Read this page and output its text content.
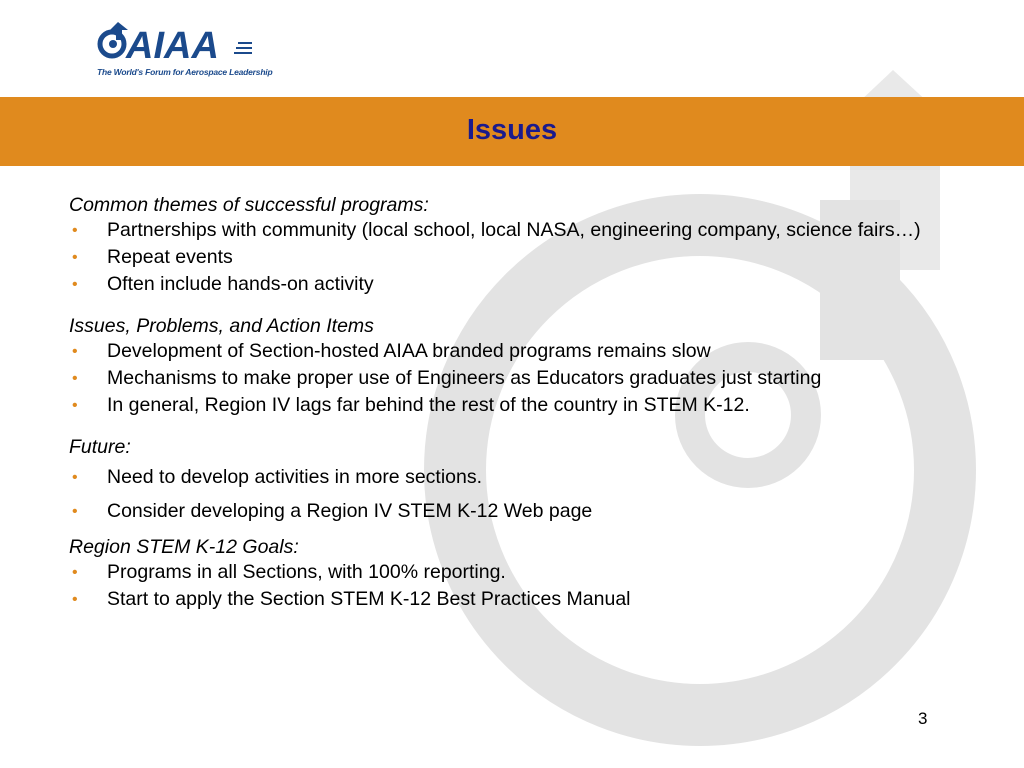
AIAA
The World's Forum for Aerospace Leadership
Issues
Common themes of successful programs:
• Partnerships with community (local school, local NASA, engineering company, science fairs…)
• Repeat events
• Often include hands-on activity
Issues, Problems, and Action Items
• Development of Section-hosted AIAA branded programs remains slow
• Mechanisms to make proper use of Engineers as Educators graduates just starting
• In general, Region IV lags far behind the rest of the country in STEM K-12.
Future:
• Need to develop activities in more sections.
• Consider developing a Region IV STEM K-12 Web page
Region STEM K-12 Goals:
• Programs in all Sections, with 100% reporting.
• Start to apply the Section STEM K-12 Best Practices Manual
3
